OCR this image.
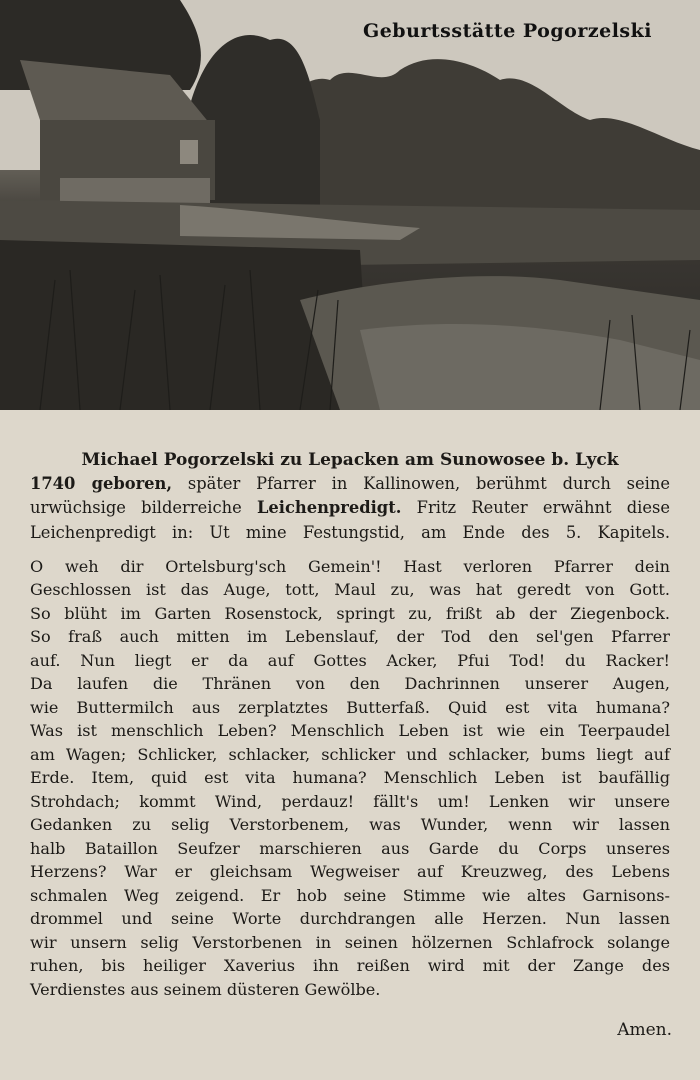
Geburtsstätte Pogorzelski
Michael Pogorzelski zu Lepacken am Sunowosee b. Lyck
1740 geboren, später Pfarrer in Kallinowen, berühmt durch seine
urwüchsige bilderreiche Leichenpredigt. Fritz Reuter erwähnt diese
Leichenpredigt in: Ut mine Festungstid, am Ende des 5. Kapitels.
O weh dir Ortelsburg'sch Gemein'! Hast verloren Pfarrer dein
Geschlossen ist das Auge, tott, Maul zu, was hat geredt von Gott.
So blüht im Garten Rosenstock, springt zu, frißt ab der Ziegenbock.
So fraß auch mitten im Lebenslauf, der Tod den sel'gen Pfarrer
auf. Nun liegt er da auf Gottes Acker, Pfui Tod! du Racker!
Da laufen die Thränen von den Dachrinnen unserer Augen,
wie Buttermilch aus zerplatztes Butterfaß. Quid est vita humana?
Was ist menschlich Leben? Menschlich Leben ist wie ein Teerpaudel
am Wagen; Schlicker, schlacker, schlicker und schlacker, bums liegt auf
Erde. Item, quid est vita humana? Menschlich Leben ist baufällig
Strohdach; kommt Wind, perdauz! fällt's um! Lenken wir unsere
Gedanken zu selig Verstorbenem, was Wunder, wenn wir lassen
halb Bataillon Seufzer marschieren aus Garde du Corps unseres
Herzens? War er gleichsam Wegweiser auf Kreuzweg, des Lebens
schmalen Weg zeigend. Er hob seine Stimme wie altes Garnisons-
drommel und seine Worte durchdrangen alle Herzen. Nun lassen
wir unsern selig Verstorbenen in seinen hölzernen Schlafrock solange
ruhen, bis heiliger Xaverius ihn reißen wird mit der Zange des
Verdienstes aus seinem düsteren Gewölbe.
Amen.
